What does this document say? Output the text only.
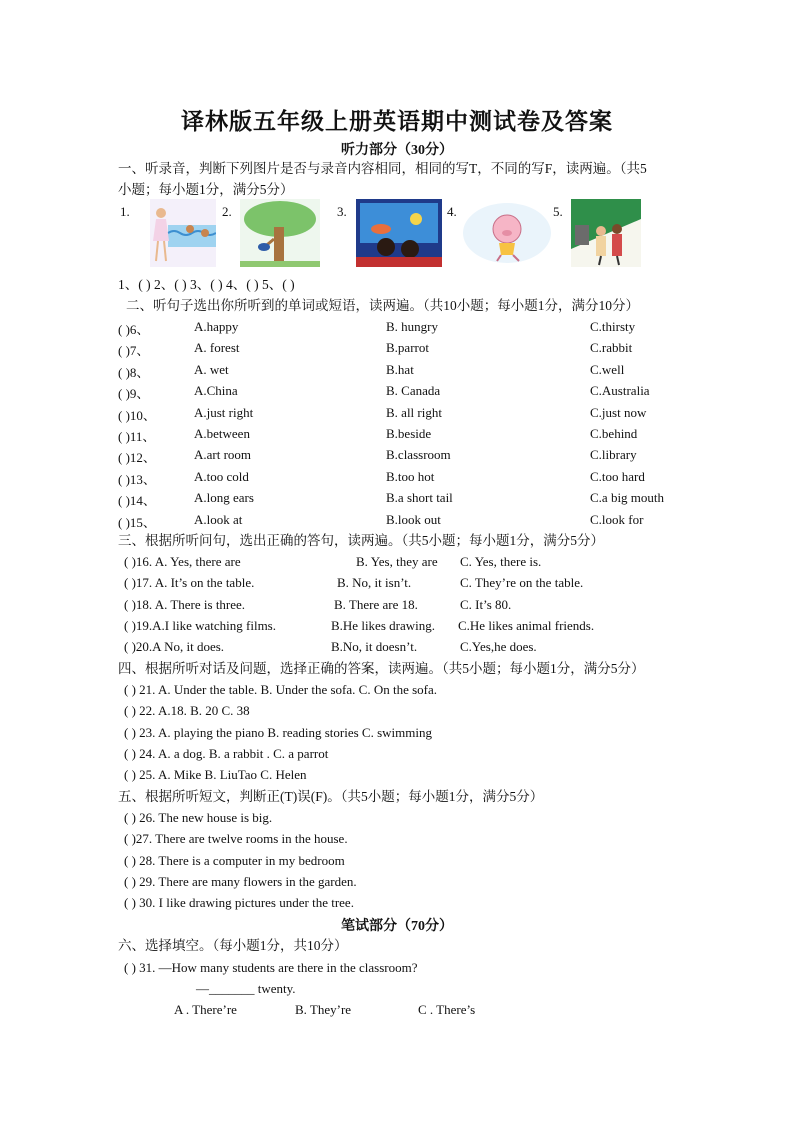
译林版五年级上册英语期中测试卷及答案
听力部分（30分）
一、听录音，判断下列图片是否与录音内容相同，相同的写T，不同的写F，读两遍。（共5
小题；每小题1分，满分5分）
1.	2.	3.	4.	5.
1、( ) 2、( ) 3、( ) 4、( ) 5、( )
二、听句子选出你所听到的单词或短语，读两遍。（共10小题；每小题1分，满分10分）
( )6、	A.happy	B. hungry	C.thirsty
( )7、	A. forest	B.parrot	C.rabbit
( )8、	A. wet	B.hat	C.well
( )9、	A.China	B. Canada	C.Australia
( )10、	A.just right	B. all right	C.just now
( )11、	A.between	B.beside	C.behind
( )12、	A.art room	B.classroom	C.library
( )13、	A.too cold	B.too hot	C.too hard
( )14、	A.long ears	B.a short tail	C.a big mouth
( )15、	A.look at	B.look out	C.look for
三、根据所听问句，选出正确的答句，读两遍。（共5小题；每小题1分，满分5分）
( )16. A. Yes, there are	B. Yes, they are C. Yes, there is.
( )17. A. It’s on the table.	B. No, it isn’t.	C. They’re on the table.
( )18. A. There is three.	B. There are 18.	C. It’s 80.
( )19.A.I like watching films.	B.He likes drawing. C.He likes animal friends.
( )20.A No, it does.	B.No, it doesn’t.	C.Yes,he does.
四、根据所听对话及问题，选择正确的答案，读两遍。（共5小题；每小题1分，满分5分）
( ) 21. A. Under the table. B. Under the sofa. C. On the sofa.
( ) 22. A.18. B. 20 C. 38
( ) 23. A. playing the piano B. reading stories C. swimming
( ) 24. A. a dog. B. a rabbit . C. a parrot
( ) 25. A. Mike B. LiuTao C. Helen
五、根据所听短文，判断正(T)误(F)。（共5小题；每小题1分，满分5分）
( ) 26. The new house is big.
( )27. There are twelve rooms in the house.
( ) 28. There is a computer in my bedroom
( ) 29. There are many flowers in the garden.
( ) 30. I like drawing pictures under the tree.
笔试部分（70分）
六、选择填空。（每小题1分，共10分）
( ) 31. —How many students are there in the classroom?
—_______ twenty.
A . There’re	B. They’re	C . There’s
